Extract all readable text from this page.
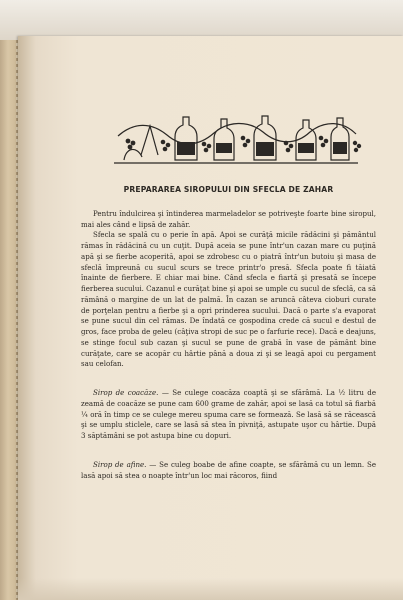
PREPARAREA SIROPULUI DIN SFECLA DE ZAHAR

Pentru îndulcirea şi întinderea marmeladelor se potriveşte foarte bine siropul, mai ales când e lipsă de zahăr.

Sfecla se spală cu o perie în apă. Apoi se curăţă micile rădăcini şi pământul rămas în rădăcină cu un cuţit. După aceia se pune într'un cazan mare cu puţină apă şi se fierbe acoperită, apoi se zdrobesc cu o piatră într'un butoiu şi masa de sfeclă împreună cu sucul scurs se trece printr'o presă. Sfecla poate fi tăiată înainte de fierbere. E chiar mai bine. Când sfecla e fiartă şi presată se începe fierberea sucului. Cazanul e curăţat bine şi apoi se umple cu sucul de sfeclă, ca să rămână o margine de un lat de palmă. În cazan se aruncă câteva cioburi curate de porţelan pentru a fierbe şi a opri prinderea sucului. Dacă o parte s'a evaporat se pune sucul din cel rămas. De îndată ce gospodina crede că sucul e destul de gros, face proba de geleu (câţiva stropi de suc pe o farfurie rece). Dacă e deajuns, se stinge focul sub cazan şi sucul se pune de grabă în vase de pământ bine curăţate, care se acopăr cu hârtie până a doua zi şi se leagă apoi cu pergament sau celofan.

Sirop de coacăze. — Se culege coacăza coaptă şi se sfărâmă. La ½ litru de zeamă de coacăze se pune cam 600 grame de zahăr, apoi se lasă ca totul să fiarbă ¼ oră în timp ce se culege mereu spuma care se formează. Se lasă să se răcească şi se umplu sticlele, care se lasă să stea în pivniţă, astupate uşor cu hârtie. După 3 săptămâni se pot astupa bine cu dopuri.

Sirop de afine. — Se culeg boabe de afine coapte, se sfărâmă cu un lemn. Se lasă apoi să stea o noapte într'un loc mai răcoros, fiind
